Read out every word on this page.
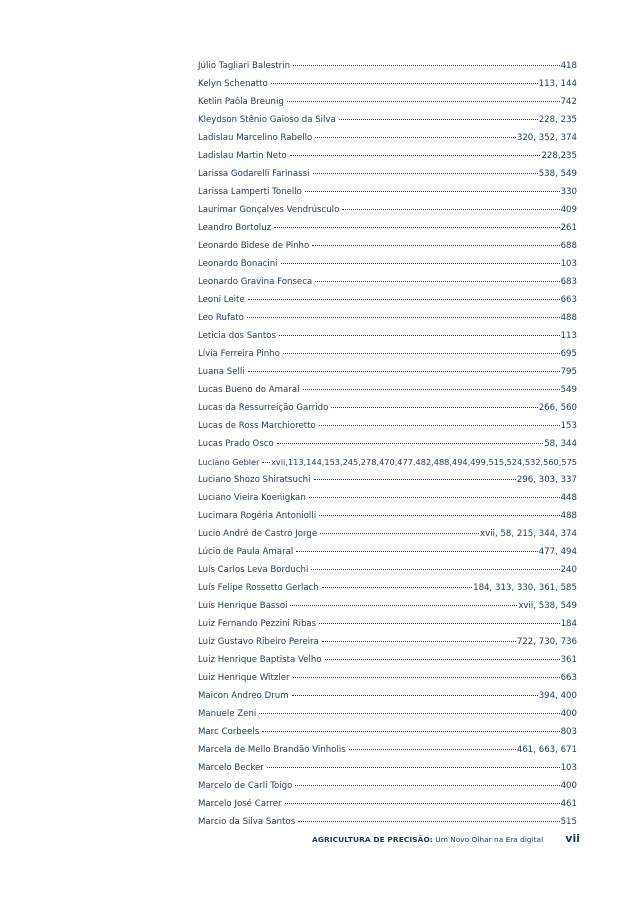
Júlio Tagliari Balestrin	418
Kelyn Schenatto	113, 144
Ketlin Paôla Breunig	742
Kleydson Stênio Gaioso da Silva	228, 235
Ladislau Marcelino Rabello	320, 352, 374
Ladislau Martin Neto	228,235
Larissa Godarelli Farinassi	538, 549
Larissa Lamperti Tonello	330
Laurimar Gonçalves Vendrúsculo	409
Leandro Bortoluz	261
Leonardo Bidese de Pinho	688
Leonardo Bonacini	103
Leonardo Gravina Fonseca	683
Leoni Leite	663
Leo Rufato	488
Leticia dos Santos	113
Lívia Ferreira Pinho	695
Luana Selli	795
Lucas Bueno do Amaral	549
Lucas da Ressurreição Garrido	266, 560
Lucas de Ross Marchioretto	153
Lucas Prado Osco	58, 344
Luciano Gebler xvii,113,144,153,245,278,470,477,482,488,494,499,515,524,532,560,575
Luciano Shozo Shiratsuchi	296, 303, 337
Luciano Vieira Koenigkan	448
Lucimara Rogéria Antoniolli	488
Lucio André de Castro Jorge	xvii, 58, 215, 344, 374
Lúcio de Paula Amaral	477, 494
Luís Carlos Leva Borduchi	240
Luís Felipe Rossetto Gerlach	184, 313, 330, 361, 585
Luís Henrique Bassoi	xvii, 538, 549
Luiz Fernando Pezzini Ribas	184
Luiz Gustavo Ribeiro Pereira	722, 730, 736
Luiz Henrique Baptista Velho	361
Luiz Henrique Witzler	663
Maicon Andreo Drum	394, 400
Manuele Zeni	400
Marc Corbeels	803
Marcela de Mello Brandão Vinholis	461, 663, 671
Marcelo Becker	103
Marcelo de Carli Toigo	400
Marcelo José Carrer	461
Marcio da Silva Santos	515
AGRICULTURA DE PRECISÃO: Um Novo Olhar na Era digital vii
